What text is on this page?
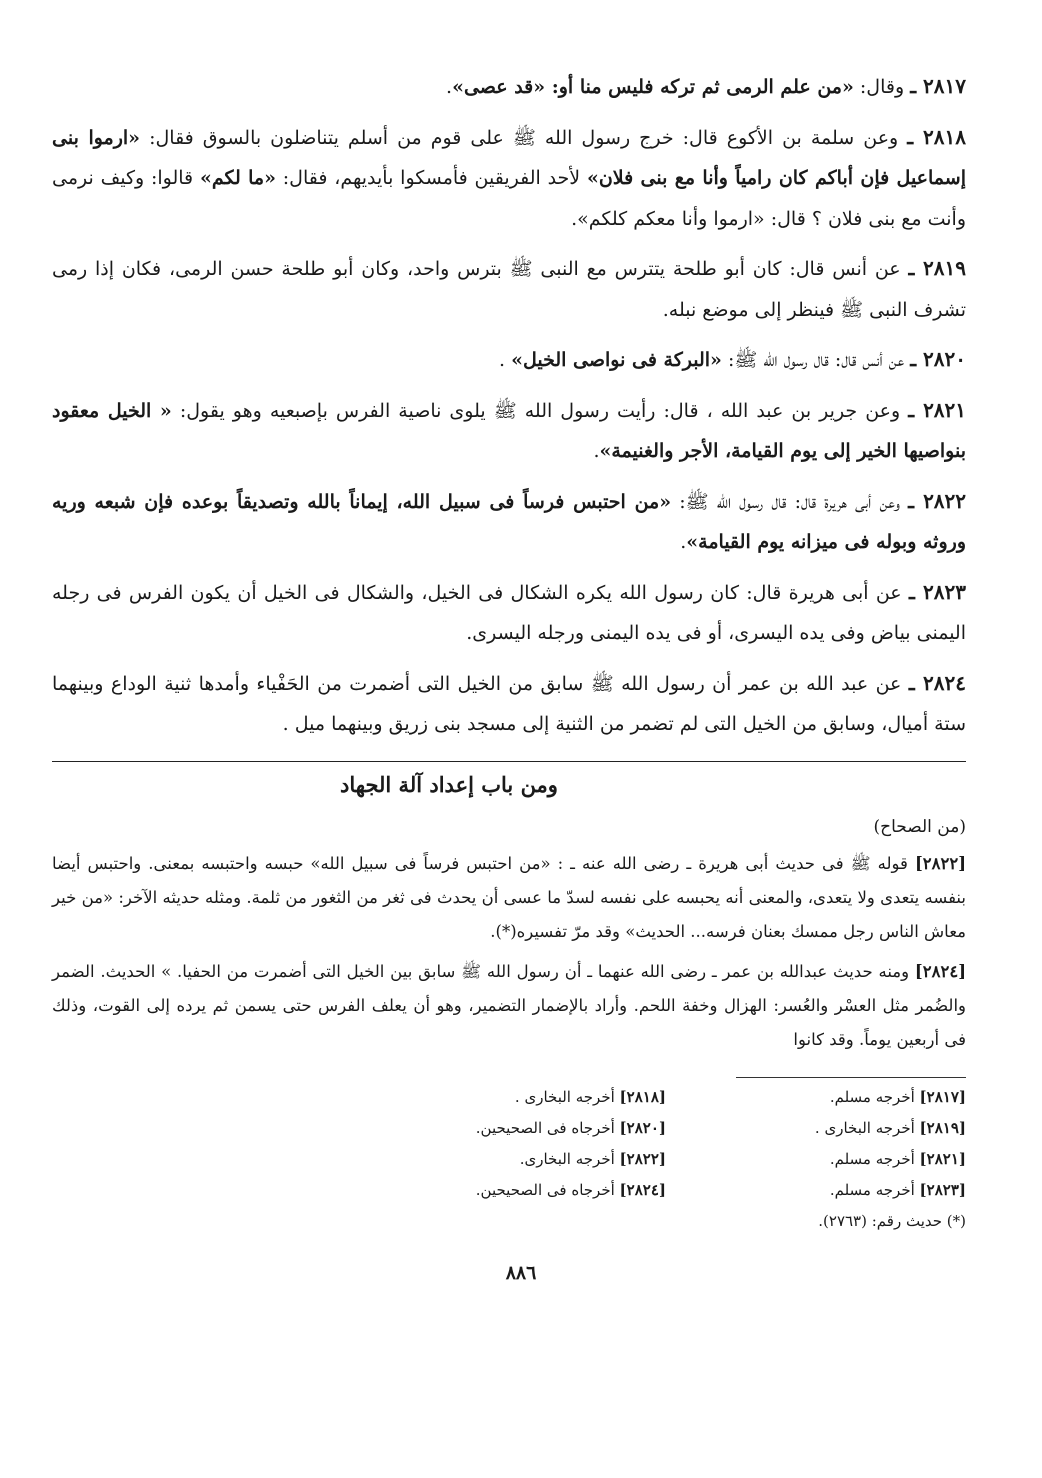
٢٨١٧ ـ وقال: «من علم الرمى ثم تركه فليس منا أو: «قد عصى».

٢٨١٨ ـ وعن سلمة بن الأكوع قال: خرج رسول الله ﷺ على قوم من أسلم يتناضلون بالسوق فقال: «ارموا بنى إسماعيل فإن أباكم كان رامياً وأنا مع بنى فلان» لأحد الفريقين فأمسكوا بأيديهم، فقال: «ما لكم» قالوا: وكيف نرمى وأنت مع بنى فلان ؟ قال: «ارموا وأنا معكم كلكم».

٢٨١٩ ـ عن أنس قال: كان أبو طلحة يتترس مع النبى ﷺ بترس واحد، وكان أبو طلحة حسن الرمى، فكان إذا رمى تشرف النبى ﷺ فينظر إلى موضع نبله.

٢٨٢٠ ـ عن أنس قال: قال رسول الله ﷺ: «البركة فى نواصى الخيل» .

٢٨٢١ ـ وعن جرير بن عبد الله ، قال: رأيت رسول الله ﷺ يلوى ناصية الفرس بإصبعيه وهو يقول: « الخيل معقود بنواصيها الخير إلى يوم القيامة، الأجر والغنيمة».

٢٨٢٢ ـ وعن أبى هريرة قال: قال رسول الله ﷺ: «من احتبس فرساً فى سبيل الله، إيماناً بالله وتصديقاً بوعده فإن شبعه وريه وروثه وبوله فى ميزانه يوم القيامة».

٢٨٢٣ ـ عن أبى هريرة قال: كان رسول الله يكره الشكال فى الخيل، والشكال فى الخيل أن يكون الفرس فى رجله اليمنى بياض وفى يده اليسرى، أو فى يده اليمنى ورجله اليسرى.

٢٨٢٤ ـ عن عبد الله بن عمر أن رسول الله ﷺ سابق من الخيل التى أضمرت من الحَفْياء وأمدها ثنية الوداع وبينهما ستة أميال، وسابق من الخيل التى لم تضمر من الثنية إلى مسجد بنى زريق وبينهما ميل .

ومن باب إعداد آلة الجهاد
(من الصحاح)

[٢٨٢٢] قوله ﷺ فى حديث أبى هريرة ـ رضى الله عنه ـ : «من احتبس فرساً فى سبيل الله» حبسه واحتبسه بمعنى. واحتبس أيضا بنفسه يتعدى ولا يتعدى، والمعنى أنه يحبسه على نفسه لسدّ ما عسى أن يحدث فى ثغر من الثغور من ثلمة. ومثله حديثه الآخر: «من خير معاش الناس رجل ممسك بعنان فرسه... الحديث» وقد مرّ تفسيره(*).

[٢٨٢٤] ومنه حديث عبدالله بن عمر ـ رضى الله عنهما ـ أن رسول الله ﷺ سابق بين الخيل التى أضمرت من الحفيا. » الحديث. الضمر والضُمر مثل العسْر والعُسر: الهزال وخفة اللحم. وأراد بالإضمار التضمير، وهو أن يعلف الفرس حتى يسمن ثم يرده إلى القوت، وذلك فى أربعين يوماً. وقد كانوا

[٢٨١٧] أخرجه مسلم.
[٢٨١٨] أخرجه البخارى .
[٢٨١٩] أخرجه البخارى .
[٢٨٢٠] أخرجاه فى الصحيحين.
[٢٨٢١] أخرجه مسلم.
[٢٨٢٢] أخرجه البخارى.
[٢٨٢٣] أخرجه مسلم.
[٢٨٢٤] أخرجاه فى الصحيحين.
(*) حديث رقم: (٢٧٦٣).
٨٨٦
